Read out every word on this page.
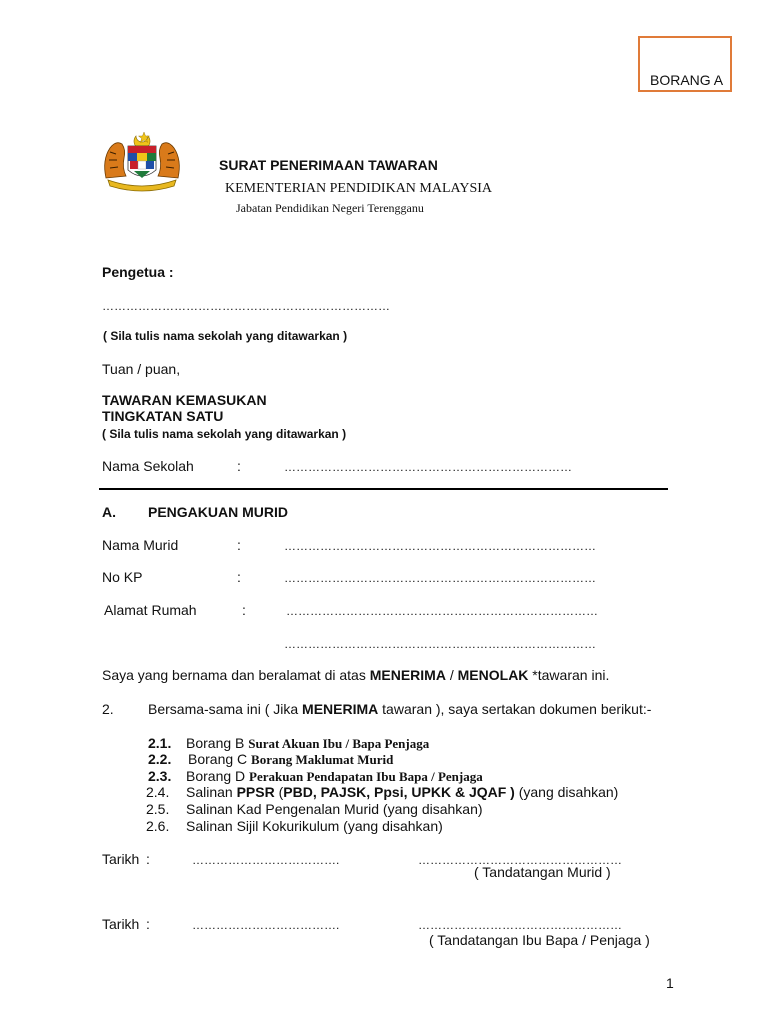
BORANG A
SURAT PENERIMAAN TAWARAN
KEMENTERIAN PENDIDIKAN MALAYSIA
Jabatan Pendidikan Negeri Terengganu
Pengetua :
………………………………………………………………
( Sila tulis nama sekolah yang ditawarkan )
Tuan / puan,
TAWARAN KEMASUKAN
TINGKATAN SATU
( Sila tulis nama sekolah yang ditawarkan )
Nama Sekolah	:	………………………………………………………………
A. PENGAKUAN MURID
Nama Murid	:	……………………………………………………………………
No KP	:	……………………………………………………………………
Alamat Rumah	:	……………………………………………………………………
……………………………………………………………………
Saya yang bernama dan beralamat di atas MENERIMA / MENOLAK *tawaran ini.
2. Bersama-sama ini ( Jika MENERIMA tawaran ), saya sertakan dokumen berikut:-
2.1. Borang B Surat Akuan Ibu / Bapa Penjaga
2.2. Borang C Borang Maklumat Murid
2.3. Borang D Perakuan Pendapatan Ibu Bapa / Penjaga
2.4. Salinan PPSR (PBD, PAJSK, Ppsi, UPKK & JQAF ) (yang disahkan)
2.5. Salinan Kad Pengenalan Murid (yang disahkan)
2.6. Salinan Sijil Kokurikulum (yang disahkan)
Tarikh :	……………………………….	……………………………………………
( Tandatangan Murid )
Tarikh :	……………………………….	……………………………………………
( Tandatangan Ibu Bapa / Penjaga )
1
